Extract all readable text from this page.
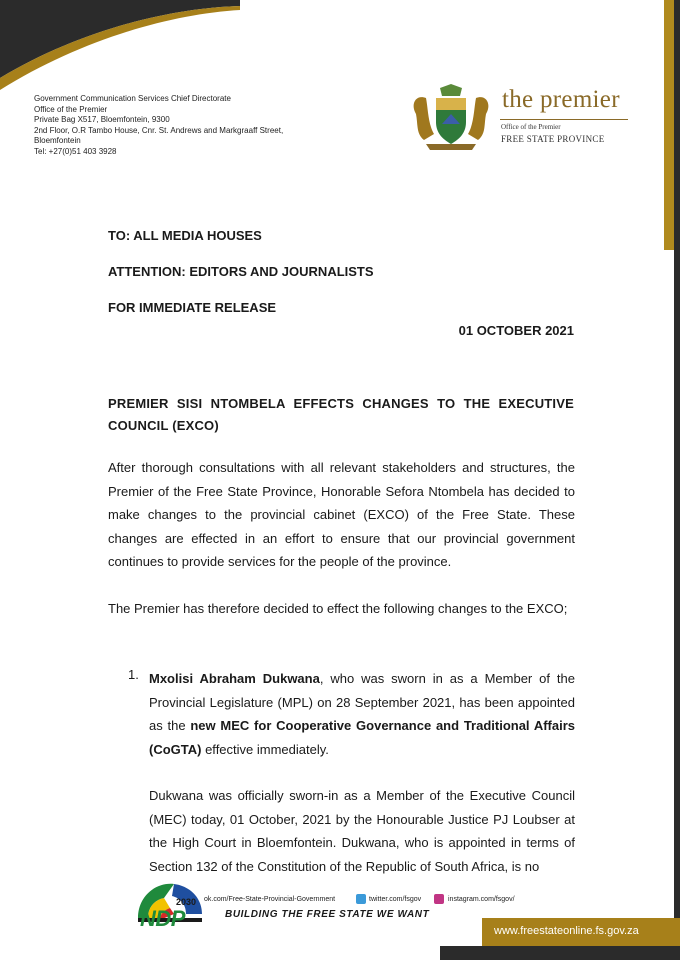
Government Communication Services Chief Directorate
Office of the Premier
Private Bag X517, Bloemfontein, 9300
2nd Floor, O.R Tambo House, Cnr. St. Andrews and Markgraaff Street,
Bloemfontein
Tel: +27(0)51 403 3928
the premier
Office of the Premier
FREE STATE PROVINCE
TO: ALL MEDIA HOUSES
ATTENTION: EDITORS AND JOURNALISTS
FOR IMMEDIATE RELEASE
01 OCTOBER 2021
PREMIER SISI NTOMBELA EFFECTS CHANGES TO THE EXECUTIVE COUNCIL (EXCO)
After thorough consultations with all relevant stakeholders and structures, the Premier of the Free State Province, Honorable Sefora Ntombela has decided to make changes to the provincial cabinet (EXCO) of the Free State. These changes are effected in an effort to ensure that our provincial government continues to provide services for the people of the province.
The Premier has therefore decided to effect the following changes to the EXCO;
1. Mxolisi Abraham Dukwana, who was sworn in as a Member of the Provincial Legislature (MPL) on 28 September 2021, has been appointed as the new MEC for Cooperative Governance and Traditional Affairs (CoGTA) effective immediately.
Dukwana was officially sworn-in as a Member of the Executive Council (MEC) today, 01 October, 2021 by the Honourable Justice PJ Loubser at the High Court in Bloemfontein. Dukwana, who is appointed in terms of Section 132 of the Constitution of the Republic of South Africa, is no
2030
NDP
ok.com/Free-State-Provincial-Government	twitter.com/fsgov	instagram.com/fsgov/
BUILDING THE FREE STATE WE WANT
www.freestateonline.fs.gov.za
